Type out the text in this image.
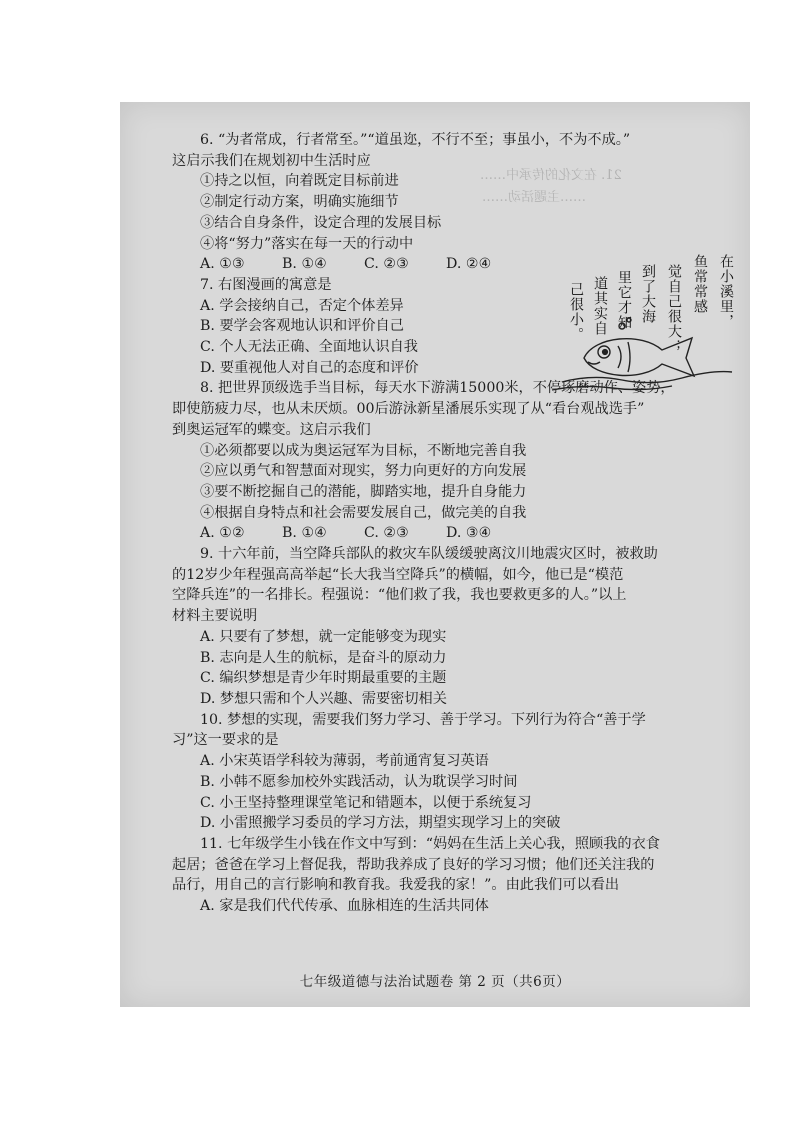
21. 在文化的传承中……
……主题活动……
6. “为者常成，行者常至。”“道虽迩，不行不至；事虽小，不为不成。”
这启示我们在规划初中生活时应
①持之以恒，向着既定目标前进
②制定行动方案，明确实施细节
③结合自身条件，设定合理的发展目标
④将“努力”落实在每一天的行动中
A. ①③	B. ①④	C. ②③	D. ②④
7. 右图漫画的寓意是
A. 学会接纳自己，否定个体差异
B. 要学会客观地认识和评价自己
C. 个人无法正确、全面地认识自我
D. 要重视他人对自己的态度和评价
8. 把世界顶级选手当目标，每天水下游满15000米，不停琢磨动作、姿势，
即使筋疲力尽，也从未厌烦。00后游泳新星潘展乐实现了从“看台观战选手”
到奥运冠军的蝶变。这启示我们
①必须都要以成为奥运冠军为目标，不断地完善自我
②应以勇气和智慧面对现实，努力向更好的方向发展
③要不断挖掘自己的潜能，脚踏实地，提升自身能力
④根据自身特点和社会需要发展自己，做完美的自我
A. ①②	B. ①④	C. ②③	D. ③④
9. 十六年前，当空降兵部队的救灾车队缓缓驶离汶川地震灾区时，被救助
的12岁少年程强高高举起“长大我当空降兵”的横幅，如今，他已是“模范
空降兵连”的一名排长。程强说：“他们救了我，我也要救更多的人。”以上
材料主要说明
A. 只要有了梦想，就一定能够变为现实
B. 志向是人生的航标，是奋斗的原动力
C. 编织梦想是青少年时期最重要的主题
D. 梦想只需和个人兴趣、需要密切相关
10. 梦想的实现，需要我们努力学习、善于学习。下列行为符合“善于学
习”这一要求的是
A. 小宋英语学科较为薄弱，考前通宵复习英语
B. 小韩不愿参加校外实践活动，认为耽误学习时间
C. 小王坚持整理课堂笔记和错题本，以便于系统复习
D. 小雷照搬学习委员的学习方法，期望实现学习上的突破
11. 七年级学生小钱在作文中写到：“妈妈在生活上关心我，照顾我的衣食
起居；爸爸在学习上督促我，帮助我养成了良好的学习习惯；他们还关注我的
品行，用自己的言行影响和教育我。我爱我的家！”。由此我们可以看出
A. 家是我们代代传承、血脉相连的生活共同体
在小溪里，
鱼常常感
觉自己很大；
到了大海
里它才知
道其实自
己很小。
七年级道德与法治试题卷 第 2 页（共6页）
